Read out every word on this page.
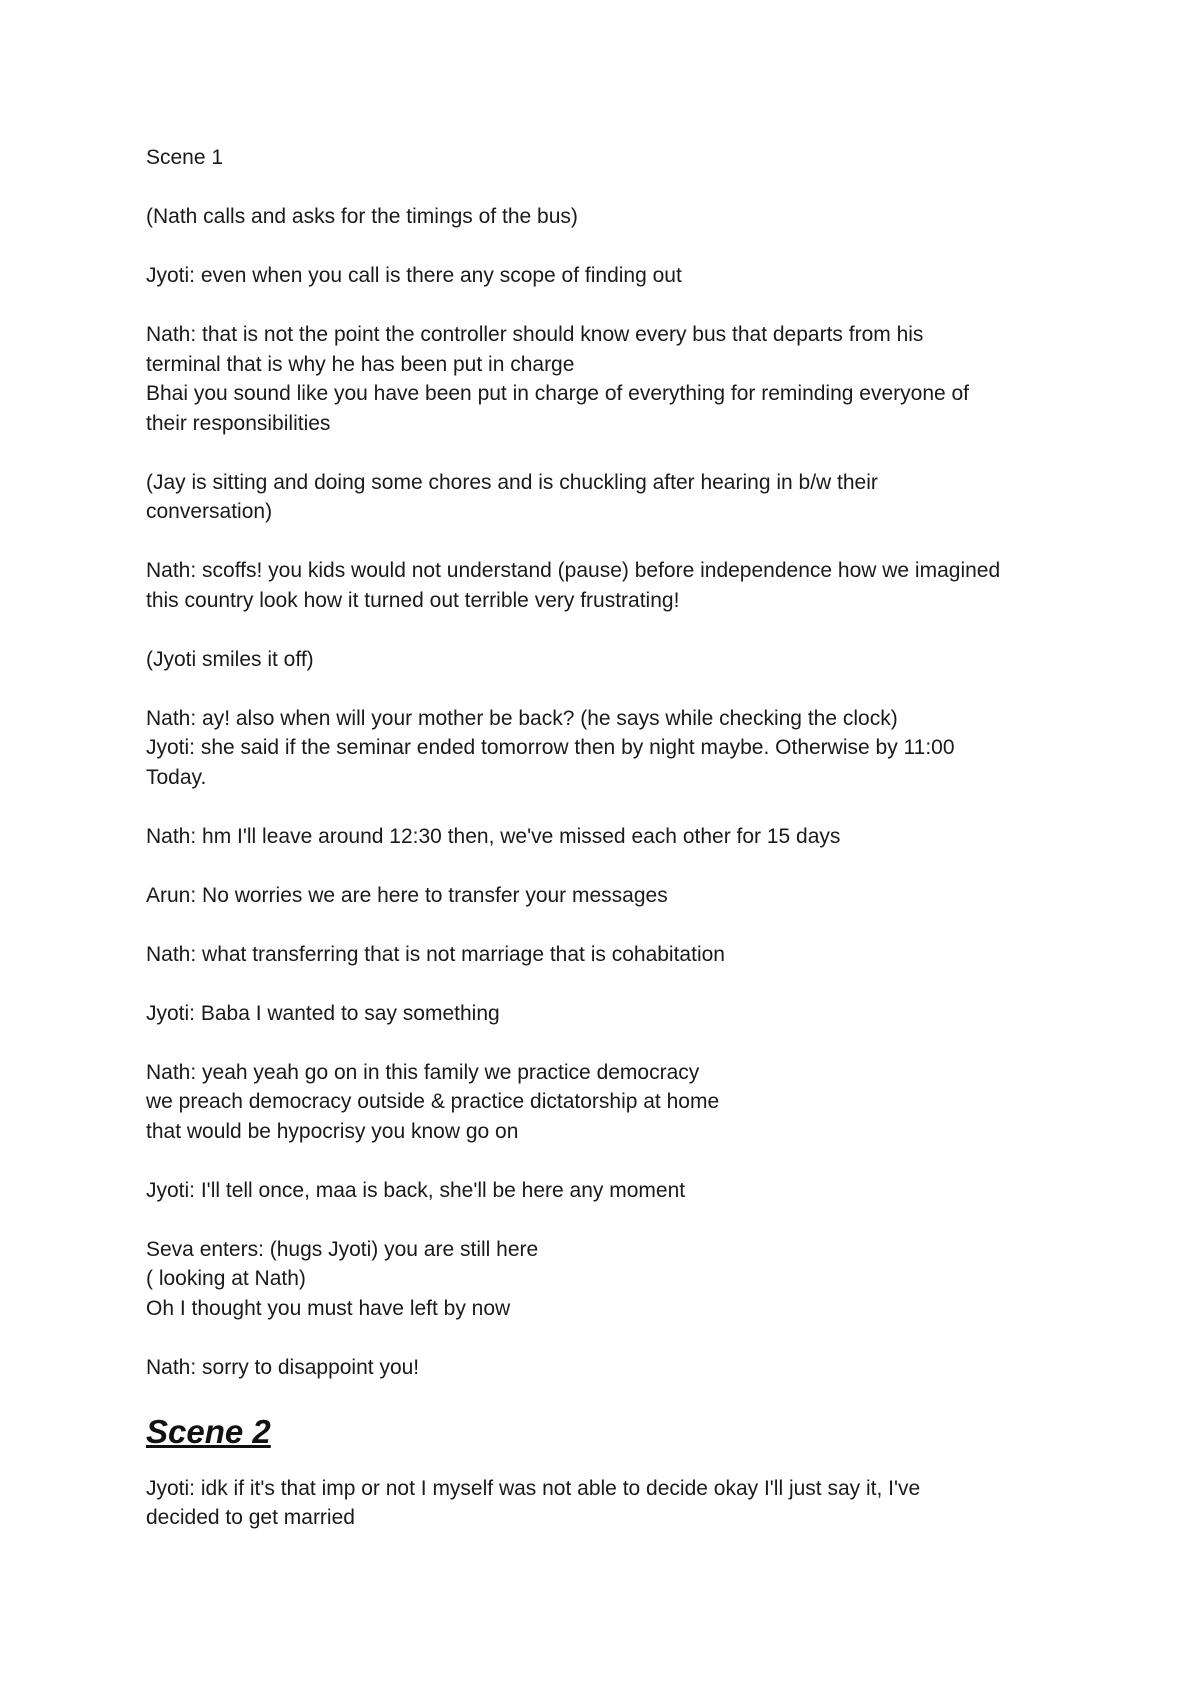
Scene 1
(Nath calls and asks for the timings of the bus)
Jyoti: even when you call is there any scope of finding out
Nath: that is not the point the controller should know every bus that departs from his
terminal that is why he has been put in charge
Bhai you sound like you have been put in charge of everything for reminding everyone of
their responsibilities
(Jay is sitting and doing some chores and is chuckling after hearing in b/w their
conversation)
Nath: scoffs! you kids would not understand (pause) before independence how we imagined
this country look how it turned out terrible very frustrating!
(Jyoti smiles it off)
Nath: ay! also when will your mother be back? (he says while checking the clock)
Jyoti: she said if the seminar ended tomorrow then by night maybe. Otherwise by 11:00
Today.
Nath: hm I'll leave around 12:30 then, we've missed each other for 15 days
Arun: No worries we are here to transfer your messages
Nath: what transferring that is not marriage that is cohabitation
Jyoti: Baba I wanted to say something
Nath: yeah yeah go on in this family we practice democracy
we preach democracy outside & practice dictatorship at home
that would be hypocrisy you know go on
Jyoti: I'll tell once, maa is back, she'll be here any moment
Seva enters: (hugs Jyoti) you are still here
( looking at Nath)
Oh I thought you must have left by now
Nath: sorry to disappoint you!
Scene 2
Jyoti: idk if it's that imp or not I myself was not able to decide okay I'll just say it, I've
decided to get married
